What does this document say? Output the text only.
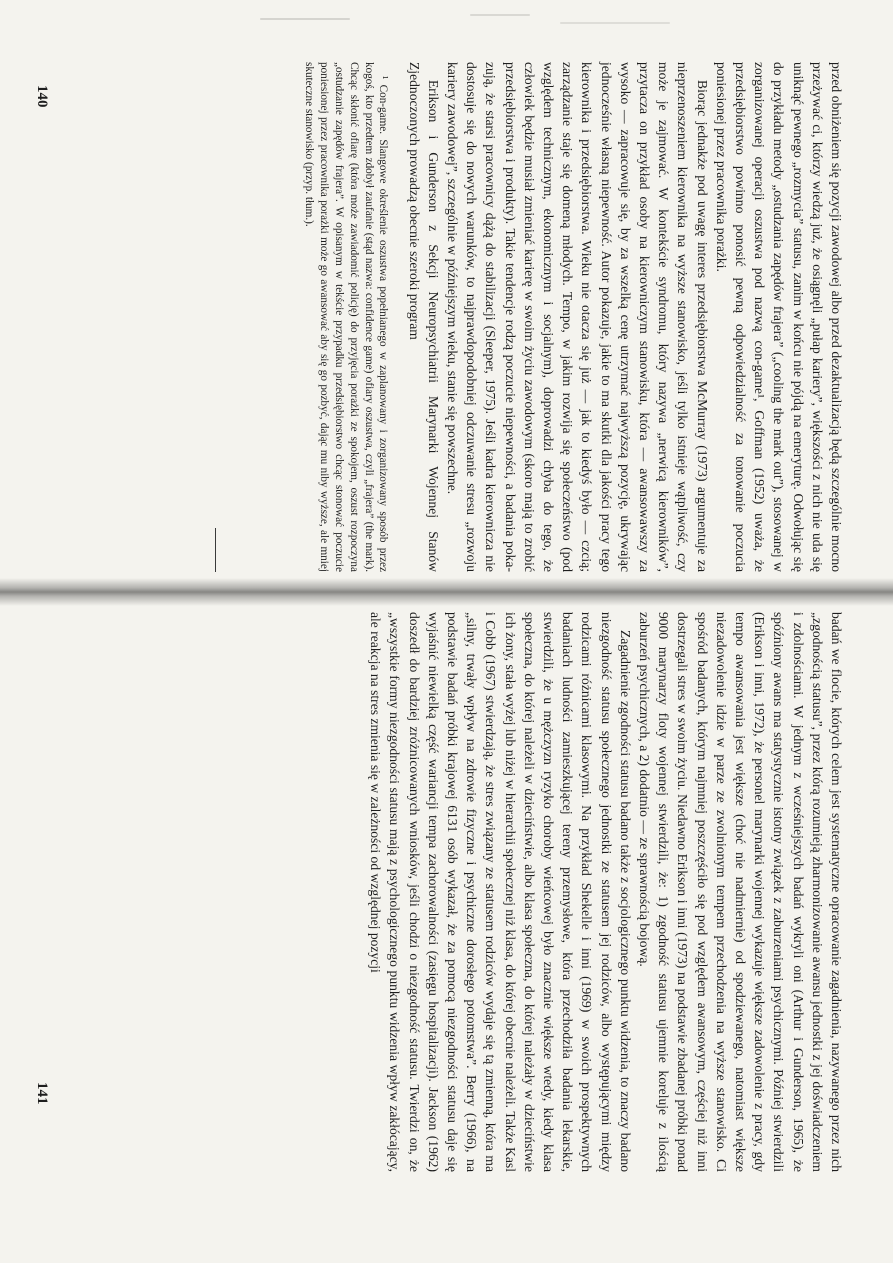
przed obniżeniem się pozycji zawodowej albo przed dezaktualizacją będą szczególnie mocno przeżywać ci, którzy wiedzą już, że osiągnęli „pułap kariery”, większości z nich nie uda się uniknąć pewnego „rozmycia” statusu, zanim w końcu nie pójdą na emeryturę. Odwołując się do przykładu metody „ostudzania zapędów frajera” („cooling the mark out”), stosowanej w zorganizowanej operacji oszustwa pod nazwą con-game¹, Goffman (1952) uważa, że przedsiębiorstwo powinno ponosić pewną odpowiedzialność za tonowanie poczucia poniesionej przez pracownika porażki.

Biorąc jednakże pod uwagę interes przedsiębiorstwa McMurray (1973) argumentuje za nieprzenoszeniem kierownika na wyższe stanowisko, jeśli tylko istnieje wątpliwość, czy może je zajmować. W kontekście syndromu, który nazywa „nerwicą kierowników”, przytacza on przykład osoby na kierowniczym stanowisku, która — awansowawszy za wysoko — zapracowuje się, by za wszelką cenę utrzymać najwyższą pozycję, ukrywając jednocześnie własną niepewność. Autor pokazuje, jakie to ma skutki dla jakości pracy tego kierownika i przedsiębiorstwa. Wieku nie otacza się już — jak to kiedyś było — czcią; zarządzanie staje się domeną młodych. Tempo, w jakim rozwija się społeczeństwo (pod względem technicznym, ekonomicznym i socjalnym), doprowadzi chyba do tego, że człowiek będzie musiał zmieniać karierę w swoim życiu zawodowym (skoro mają to zrobić przedsiębiorstwa i produkty). Takie tendencje rodzą poczucie niepewności, a badania pokazują, że starsi pracownicy dążą do stabilizacji (Sleeper, 1975). Jeśli kadra kierownicza nie dostosuje się do nowych warunków, to najprawdopodobniej odczuwanie stresu „rozwoju kariery zawodowej”, szczególnie w późniejszym wieku, stanie się powszechne.

Erikson i Gunderson z Sekcji Neuropsychiatrii Marynarki Wojennej Stanów Zjednoczonych prowadzą obecnie szeroki program

¹ Con-game. Slangowe określenie oszustwa popełnianego w zaplanowany i zorganizowany sposób przez kogoś, kto przedtem zdobył zaufanie (stąd nazwa: confidence game) ofiary oszustwa, czyli „frajera” (the mark). Chcąc skłonić ofiarę (która może zawiadomić policję) do przyjęcia porażki ze spokojem, oszust rozpoczyna „ostudzanie zapędów frajera”. W opisanym w tekście przypadku przedsiębiorstwo chcąc stonować poczucie poniesionej przez pracownika porażki może go awansować aby się go pozbyć, dając mu niby wyższe, ale mniej skuteczne stanowisko (przyp. tłum.).

badań we flocie, których celem jest systematyczne opracowanie zagadnienia, nazywanego przez nich „zgodnością statusu”, przez którą rozumieją zharmonizowanie awansu jednostki z jej doświadczeniem i zdolnościami. W jednym z wcześniejszych badań wykryli oni (Arthur i Gunderson, 1965), że spóźniony awans ma statystycznie istotny związek z zaburzeniami psychicznymi. Później stwierdzili (Erikson i inni, 1972), że personel marynarki wojennej wykazuje większe zadowolenie z pracy, gdy tempo awansowania jest większe (choć nie nadmiernie) od spodziewanego, natomiast większe niezadowolenie idzie w parze ze zwolnionym tempem przechodzenia na wyższe stanowisko. Ci spośród badanych, którym najmniej poszczęściło się pod względem awansowym, częściej niż inni dostrzegali stres w swoim życiu. Niedawno Erikson i inni (1973) na podstawie zbadanej próbki ponad 9000 marynarzy floty wojennej stwierdzili, że: 1) zgodność statusu ujemnie koreluje z ilością zaburzeń psychicznych, a 2) dodatnio — ze sprawnością bojową.

Zagadnienie zgodności statusu badano także z socjologicznego punktu widzenia, to znaczy badano niezgodność statusu społecznego jednostki ze statusem jej rodziców, albo występującymi między rodzicami różnicami klasowymi. Na przykład Shekelle i inni (1969) w swoich prospektywnych badaniach ludności zamieszkującej tereny przemysłowe, która przechodziła badania lekarskie, stwierdzili, że u mężczyzn ryzyko choroby wieńcowej było znacznie większe wtedy, kiedy klasa społeczna, do której należeli w dzieciństwie, albo klasa społeczna, do której należały w dzieciństwie ich żony, stała wyżej lub niżej w hierarchii społecznej niż klasa, do której obecnie należeli. Także Kasl i Cobb (1967) stwierdzają, że stres związany ze statusem rodziców wydaje się tą zmienną, która ma „silny, trwały wpływ na zdrowie fizyczne i psychiczne dorosłego potomstwa”. Berry (1966), na podstawie badań próbki krajowej 6131 osób wykazał, że za pomocą niezgodności statusu daje się wyjaśnić niewielką część wariancji tempa zachorowalności (zasięgu hospitalizacji). Jackson (1962) doszedł do bardziej zróżnicowanych wniosków, jeśli chodzi o niezgodność statusu. Twierdzi on, że „wszystkie formy niezgodności statusu mają z psychologicznego punktu widzenia wpływ zakłócający, ale reakcja na stres zmienia się w zależności od względnej pozycji

140
141
